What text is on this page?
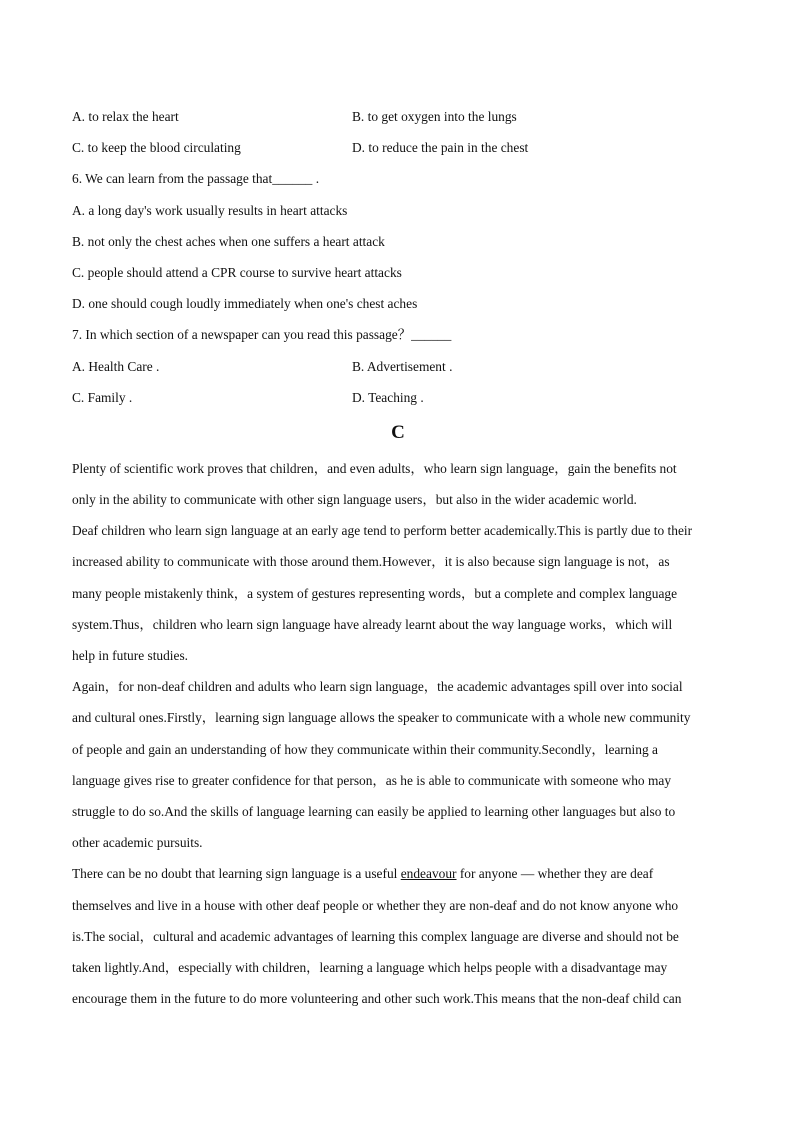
A. to relax the heart	B. to get oxygen into the lungs
C. to keep the blood circulating	D. to reduce the pain in the chest
6. We can learn from the passage that______ .
A. a long day's work usually results in heart attacks
B. not only the chest aches when one suffers a heart attack
C. people should attend a CPR course to survive heart attacks
D. one should cough loudly immediately when one's chest aches
7. In which section of a newspaper can you read this passage？______
A. Health Care .	B. Advertisement .
C. Family .	D. Teaching .
C
Plenty of scientific work proves that children，and even adults，who learn sign language，gain the benefits not
only in the ability to communicate with other sign language users，but also in the wider academic world.
Deaf children who learn sign language at an early age tend to perform better academically.This is partly due to their
increased ability to communicate with those around them.However，it is also because sign language is not，as
many people mistakenly think，a system of gestures representing words，but a complete and complex language
system.Thus，children who learn sign language have already learnt about the way language works，which will
help in future studies.
Again，for non-deaf children and adults who learn sign language，the academic advantages spill over into social
and cultural ones.Firstly，learning sign language allows the speaker to communicate with a whole new community
of people and gain an understanding of how they communicate within their community.Secondly，learning a
language gives rise to greater confidence for that person，as he is able to communicate with someone who may
struggle to do so.And the skills of language learning can easily be applied to learning other languages but also to
other academic pursuits.
There can be no doubt that learning sign language is a useful endeavour for anyone — whether they are deaf
themselves and live in a house with other deaf people or whether they are non-deaf and do not know anyone who
is.The social，cultural and academic advantages of learning this complex language are diverse and should not be
taken lightly.And，especially with children，learning a language which helps people with a disadvantage may
encourage them in the future to do more volunteering and other such work.This means that the non-deaf child can
